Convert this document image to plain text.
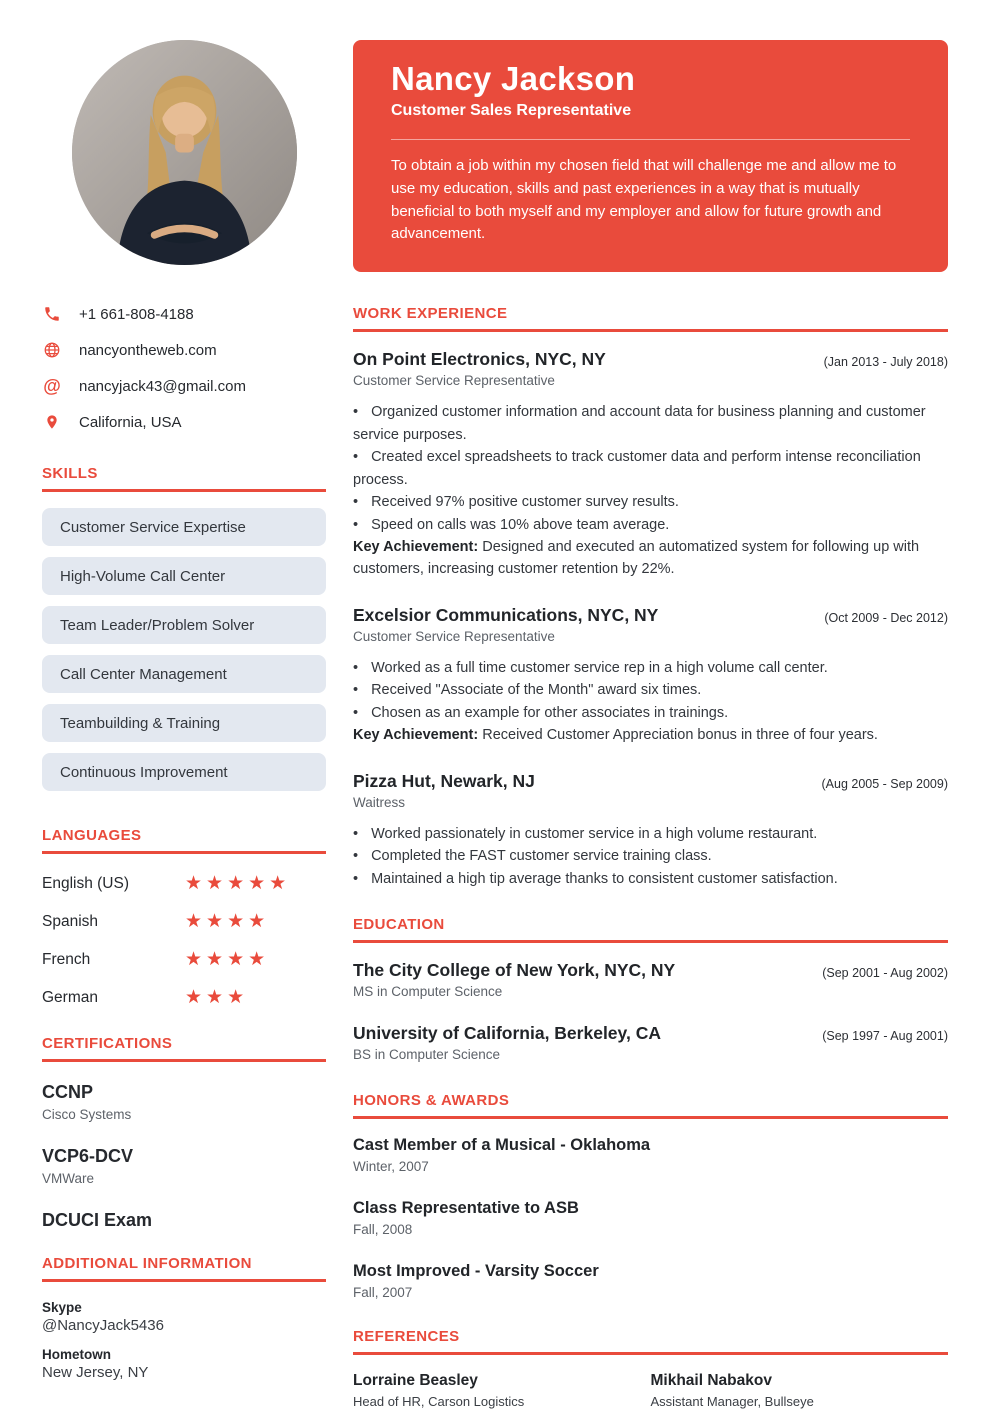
+1 661-808-4188
nancyontheweb.com
@ nancyjack43@gmail.com
California, USA
SKILLS
Customer Service Expertise
High-Volume Call Center
Team Leader/Problem Solver
Call Center Management
Teambuilding & Training
Continuous Improvement
LANGUAGES
English (US)	★★★★★
Spanish	★★★★
French	★★★★
German	★★★
CERTIFICATIONS
CCNP
Cisco Systems
VCP6-DCV
VMWare
DCUCI Exam
ADDITIONAL INFORMATION
Skype
@NancyJack5436
Hometown
New Jersey, NY
Nancy Jackson
Customer Sales Representative
To obtain a job within my chosen field that will challenge me and allow me to use my education, skills and past experiences in a way that is mutually beneficial to both myself and my employer and allow for future growth and advancement.
WORK EXPERIENCE
On Point Electronics, NYC, NY	(Jan 2013 - July 2018)
Customer Service Representative
• Organized customer information and account data for business planning and customer service purposes.
• Created excel spreadsheets to track customer data and perform intense reconciliation process.
• Received 97% positive customer survey results.
• Speed on calls was 10% above team average.
Key Achievement: Designed and executed an automatized system for following up with customers, increasing customer retention by 22%.
Excelsior Communications, NYC, NY	(Oct 2009 - Dec 2012)
Customer Service Representative
• Worked as a full time customer service rep in a high volume call center.
• Received "Associate of the Month" award six times.
• Chosen as an example for other associates in trainings.
Key Achievement: Received Customer Appreciation bonus in three of four years.
Pizza Hut, Newark, NJ	(Aug 2005 - Sep 2009)
Waitress
• Worked passionately in customer service in a high volume restaurant.
• Completed the FAST customer service training class.
• Maintained a high tip average thanks to consistent customer satisfaction.
EDUCATION
The City College of New York, NYC, NY	(Sep 2001 - Aug 2002)
MS in Computer Science
University of California, Berkeley, CA	(Sep 1997 - Aug 2001)
BS in Computer Science
HONORS & AWARDS
Cast Member of a Musical - Oklahoma
Winter, 2007
Class Representative to ASB
Fall, 2008
Most Improved - Varsity Soccer
Fall, 2007
REFERENCES
Lorraine Beasley
Head of HR, Carson Logistics
Mikhail Nabakov
Assistant Manager, Bullseye
